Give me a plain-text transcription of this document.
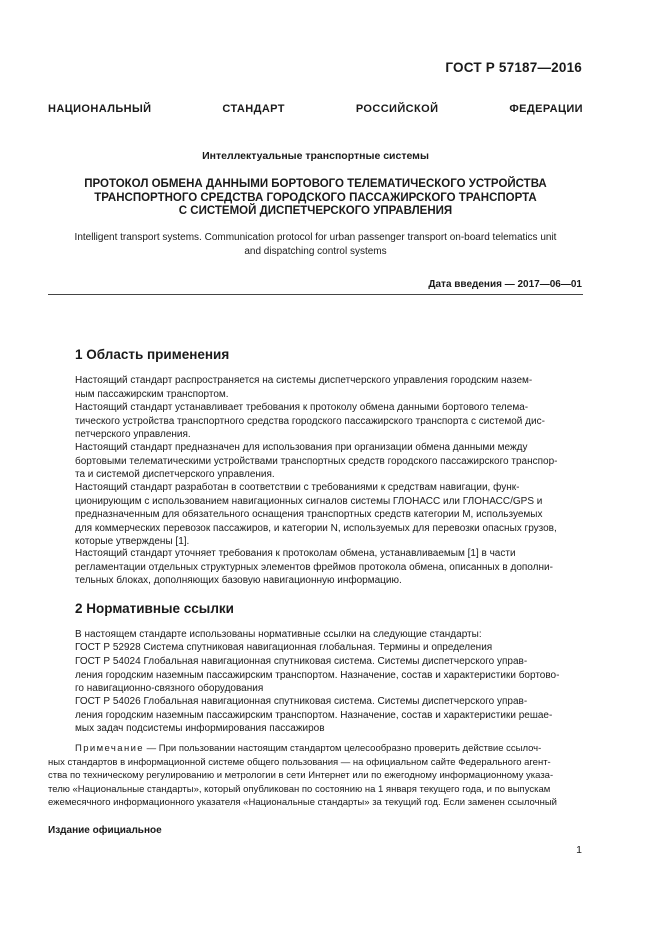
ГОСТ Р 57187—2016
НАЦИОНАЛЬНЫЙ СТАНДАРТ РОССИЙСКОЙ ФЕДЕРАЦИИ
Интеллектуальные транспортные системы
ПРОТОКОЛ ОБМЕНА ДАННЫМИ БОРТОВОГО ТЕЛЕМАТИЧЕСКОГО УСТРОЙСТВА
ТРАНСПОРТНОГО СРЕДСТВА ГОРОДСКОГО ПАССАЖИРСКОГО ТРАНСПОРТА
С СИСТЕМОЙ ДИСПЕТЧЕРСКОГО УПРАВЛЕНИЯ
Intelligent transport systems. Communication protocol for urban passenger transport on-board telematics unit
and dispatching control systems
Дата введения — 2017—06—01
1 Область применения
Настоящий стандарт распространяется на системы диспетчерского управления городским назем-
ным пассажирским транспортом.
Настоящий стандарт устанавливает требования к протоколу обмена данными бортового телема-
тического устройства транспортного средства городского пассажирского транспорта с системой дис-
петчерского управления.
Настоящий стандарт предназначен для использования при организации обмена данными между
бортовыми телематическими устройствами транспортных средств городского пассажирского транспор-
та и системой диспетчерского управления.
Настоящий стандарт разработан в соответствии с требованиями к средствам навигации, функ-
ционирующим с использованием навигационных сигналов системы ГЛОНАСС или ГЛОНАСС/GPS и
предназначенным для обязательного оснащения транспортных средств категории М, используемых
для коммерческих перевозок пассажиров, и категории N, используемых для перевозки опасных грузов,
которые утверждены [1].
Настоящий стандарт уточняет требования к протоколам обмена, устанавливаемым [1] в части
регламентации отдельных структурных элементов фреймов протокола обмена, описанных в дополни-
тельных блоках, дополняющих базовую навигационную информацию.
2 Нормативные ссылки
В настоящем стандарте использованы нормативные ссылки на следующие стандарты:
ГОСТ Р 52928 Система спутниковая навигационная глобальная. Термины и определения
ГОСТ Р 54024 Глобальная навигационная спутниковая система. Системы диспетчерского управ-
ления городским наземным пассажирским транспортом. Назначение, состав и характеристики бортово-
го навигационно-связного оборудования
ГОСТ Р 54026 Глобальная навигационная спутниковая система. Системы диспетчерского управ-
ления городским наземным пассажирским транспортом. Назначение, состав и характеристики решае-
мых задач подсистемы информирования пассажиров
Примечание — При пользовании настоящим стандартом целесообразно проверить действие ссылоч-
ных стандартов в информационной системе общего пользования — на официальном сайте Федерального агент-
ства по техническому регулированию и метрологии в сети Интернет или по ежегодному информационному указа-
телю «Национальные стандарты», который опубликован по состоянию на 1 января текущего года, и по выпускам
ежемесячного информационного указателя «Национальные стандарты» за текущий год. Если заменен ссылочный
Издание официальное
1
